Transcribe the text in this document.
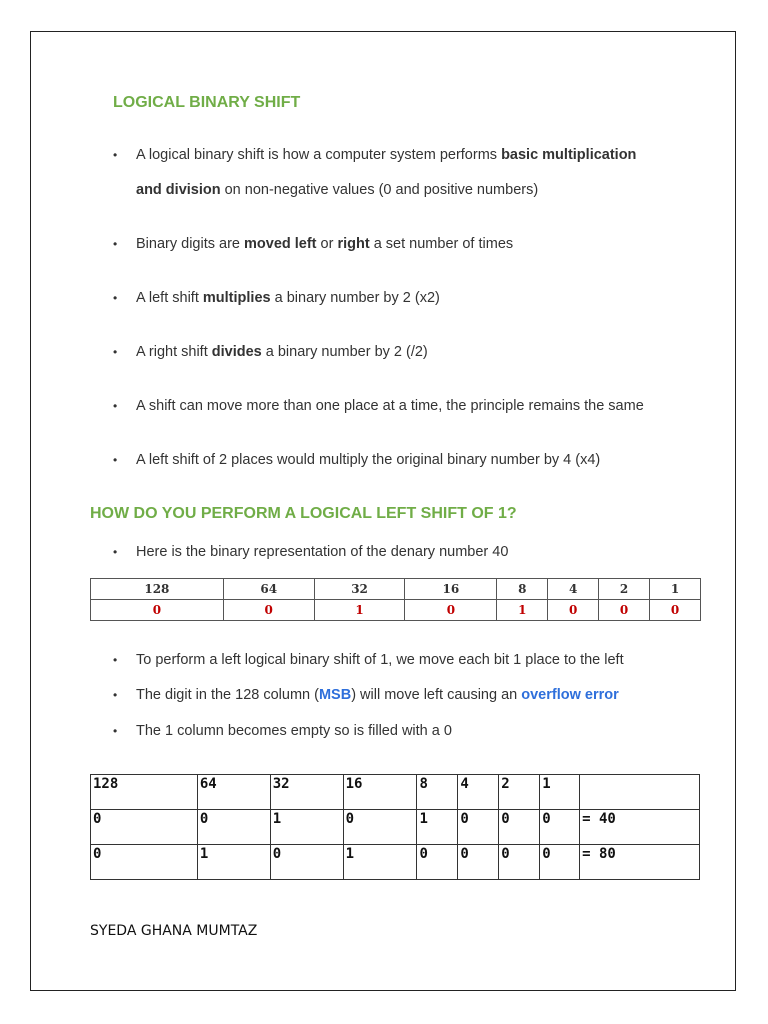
LOGICAL BINARY SHIFT
• A logical binary shift is how a computer system performs basic multiplication
and division on non-negative values (0 and positive numbers)
• Binary digits are moved left or right a set number of times
• A left shift multiplies a binary number by 2 (x2)
• A right shift divides a binary number by 2 (/2)
• A shift can move more than one place at a time, the principle remains the same
• A left shift of 2 places would multiply the original binary number by 4 (x4)
HOW DO YOU PERFORM A LOGICAL LEFT SHIFT OF 1?
• Here is the binary representation of the denary number 40
128	64	32	16	8	4	2	1
0	0	1	0	1	0	0	0
• To perform a left logical binary shift of 1, we move each bit 1 place to the left
• The digit in the 128 column (MSB) will move left causing an overflow error
• The 1 column becomes empty so is filled with a 0
128	64	32	16	8	4	2	1	
0	0	1	0	1	0	0	0	= 40
0	1	0	1	0	0	0	0	= 80
SYEDA GHANA MUMTAZ
